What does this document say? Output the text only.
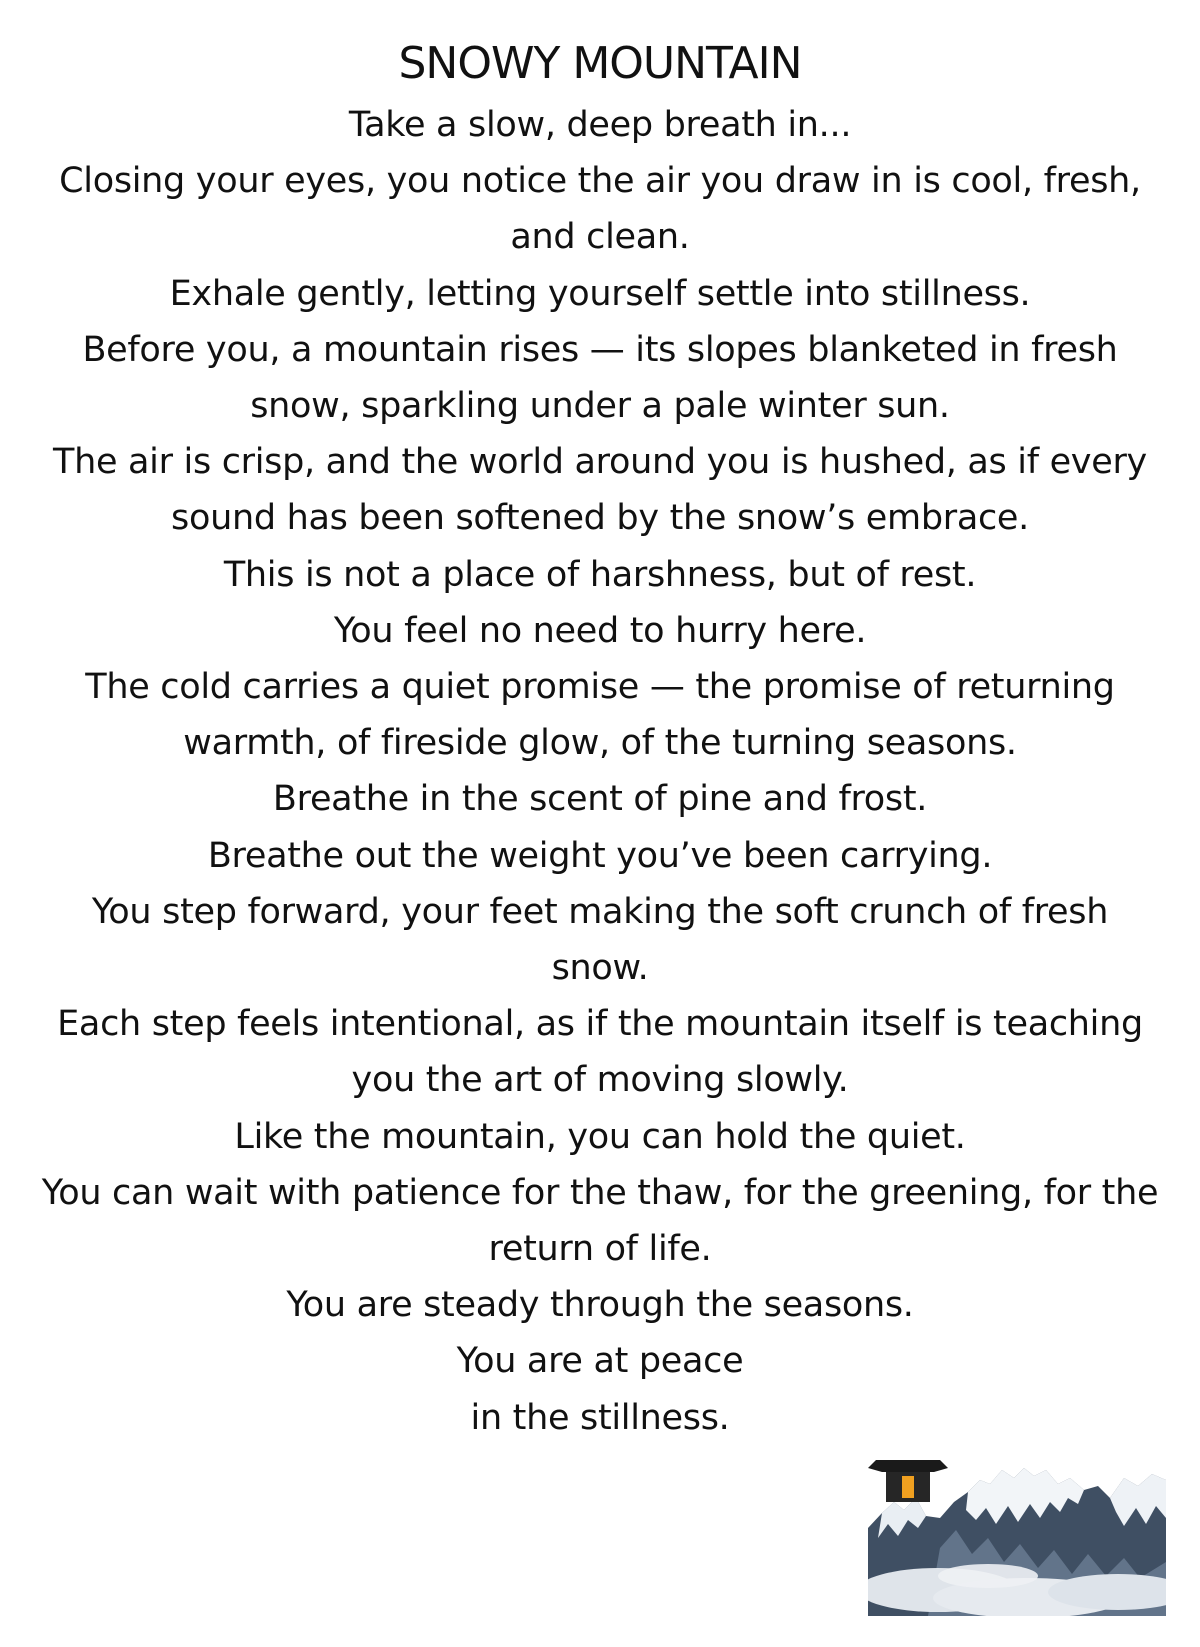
SNOWY MOUNTAIN
Take a slow, deep breath in...
Closing your eyes, you notice the air you draw in is cool, fresh, and clean.
Exhale gently, letting yourself settle into stillness.
Before you, a mountain rises — its slopes blanketed in fresh snow, sparkling under a pale winter sun.
The air is crisp, and the world around you is hushed, as if every sound has been softened by the snow’s embrace.
This is not a place of harshness, but of rest.
You feel no need to hurry here.
The cold carries a quiet promise — the promise of returning warmth, of fireside glow, of the turning seasons.
Breathe in the scent of pine and frost.
Breathe out the weight you’ve been carrying.
You step forward, your feet making the soft crunch of fresh snow.
Each step feels intentional, as if the mountain itself is teaching you the art of moving slowly.
Like the mountain, you can hold the quiet.
You can wait with patience for the thaw, for the greening, for the return of life.
You are steady through the seasons.
You are at peace
in the stillness.
